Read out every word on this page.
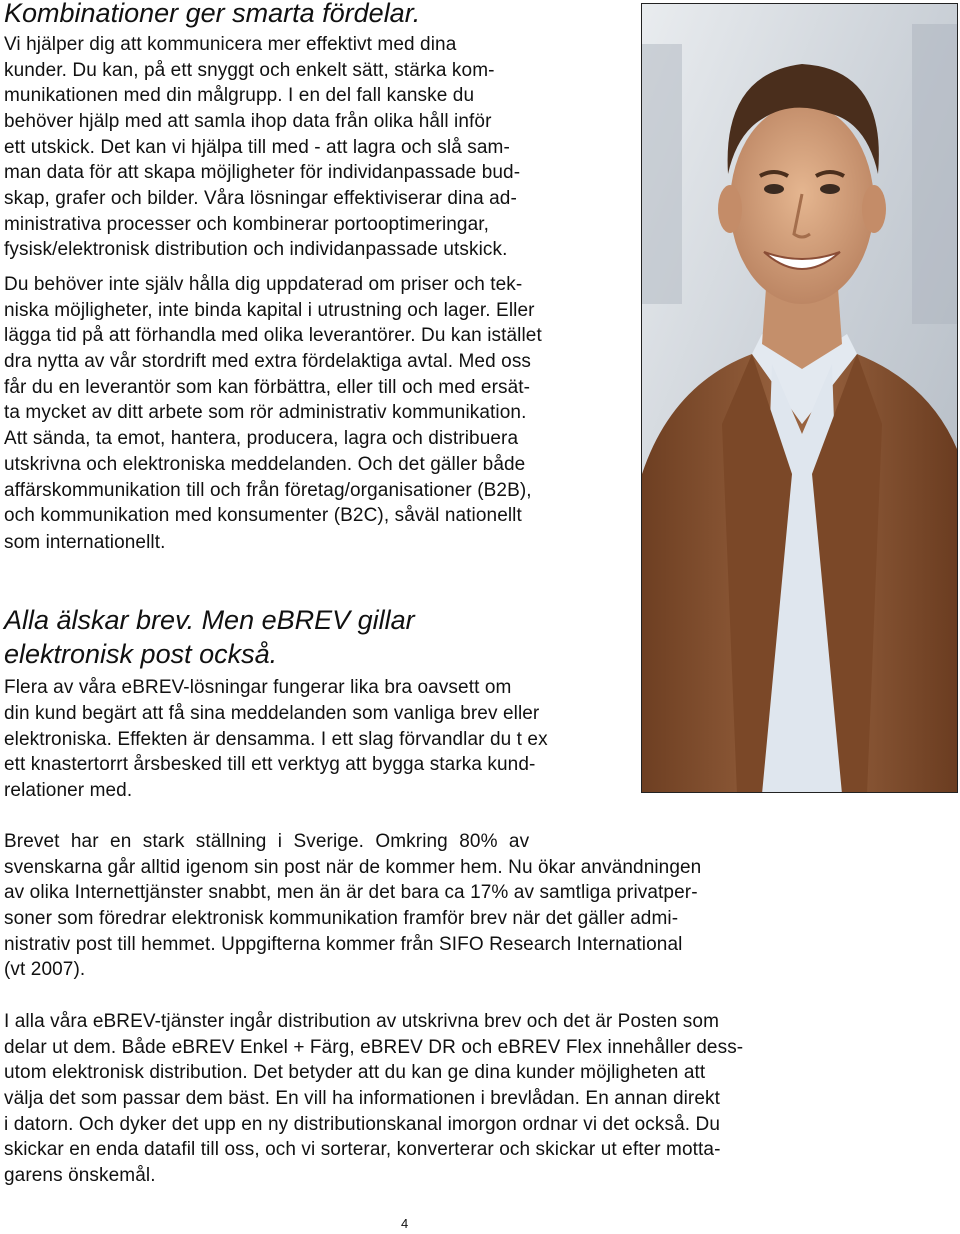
Kombinationer ger smarta fördelar.
Vi hjälper dig att kommunicera mer effektivt med dina
kunder. Du kan, på ett snyggt och enkelt sätt, stärka kom-
munikationen med din målgrupp. I en del fall kanske du
behöver hjälp med att samla ihop data från olika håll inför
ett utskick. Det kan vi hjälpa till med - att lagra och slå sam-
man data för att skapa möjligheter för individanpassade bud-
skap, grafer och bilder. Våra lösningar effektiviserar dina ad-
ministrativa processer och kombinerar portooptimeringar,
fysisk/elektronisk distribution och individanpassade utskick.
Du behöver inte själv hålla dig uppdaterad om priser och tek-
niska möjligheter, inte binda kapital i utrustning och lager. Eller
lägga tid på att förhandla med olika leverantörer. Du kan istället
dra nytta av vår stordrift med extra fördelaktiga avtal. Med oss
får du en leverantör som kan förbättra, eller till och med ersät-
ta mycket av ditt arbete som rör administrativ kommunikation.
Att sända, ta emot, hantera, producera, lagra och distribuera
utskrivna och elektroniska meddelanden. Och det gäller både
affärskommunikation till och från företag/organisationer (B2B),
och kommunikation med konsumenter (B2C), såväl nationellt
som internationellt.
Alla älskar brev. Men eBREV gillar
elektronisk post också.
Flera av våra eBREV-lösningar fungerar lika bra oavsett om
din kund begärt att få sina meddelanden som vanliga brev eller
elektroniska. Effekten är densamma. I ett slag förvandlar du t ex
ett knastertorrt årsbesked till ett verktyg att bygga starka kund-
relationer med.
Brevet har en stark ställning i Sverige. Omkring 80% av
svenskarna går alltid igenom sin post när de kommer hem. Nu ökar användningen
av olika Internettjänster snabbt, men än är det bara ca 17% av samtliga privatper-
soner som föredrar elektronisk kommunikation framför brev när det gäller admi-
nistrativ post till hemmet. Uppgifterna kommer från SIFO Research International
(vt 2007).
I alla våra eBREV-tjänster ingår distribution av utskrivna brev och det är Posten som
delar ut dem. Både eBREV Enkel + Färg, eBREV DR och eBREV Flex innehåller dess-
utom elektronisk distribution. Det betyder att du kan ge dina kunder möjligheten att
välja det som passar dem bäst. En vill ha informationen i brevlådan. En annan direkt
i datorn. Och dyker det upp en ny distributionskanal imorgon ordnar vi det också. Du
skickar en enda datafil till oss, och vi sorterar, konverterar och skickar ut efter motta-
garens önskemål.
4
